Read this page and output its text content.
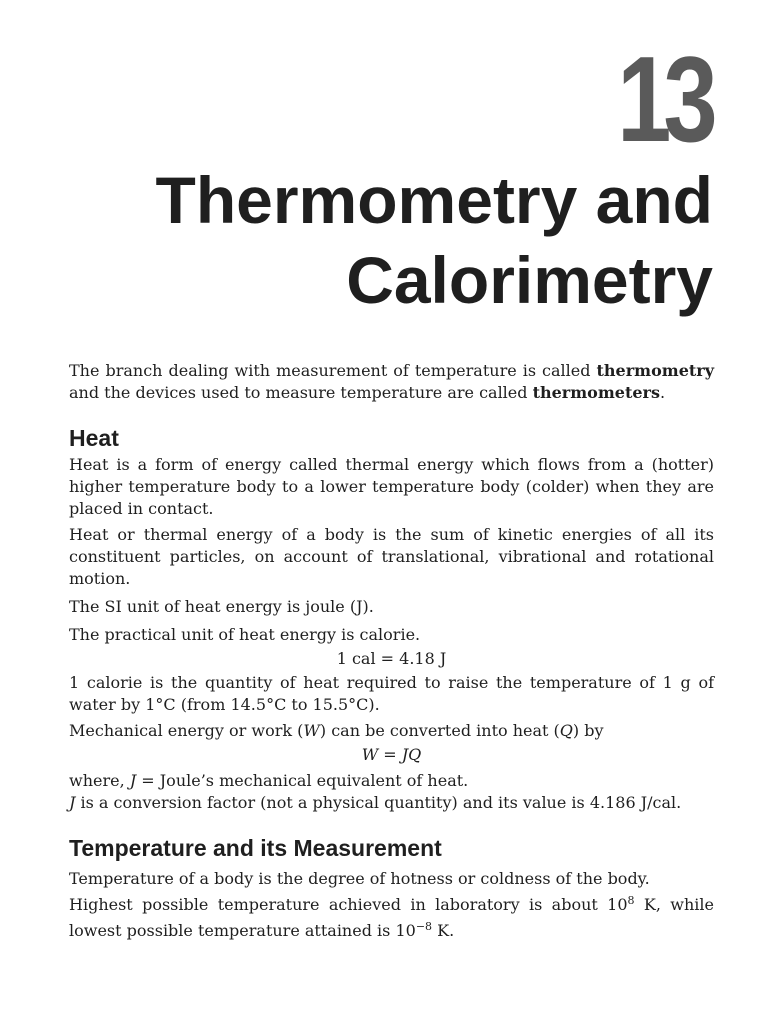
13
Thermometry and
Calorimetry

The branch dealing with measurement of temperature is called thermometry and the devices used to measure temperature are called thermometers.

Heat

Heat is a form of energy called thermal energy which flows from a (hotter) higher temperature body to a lower temperature body (colder) when they are placed in contact.

Heat or thermal energy of a body is the sum of kinetic energies of all its constituent particles, on account of translational, vibrational and rotational motion.

The SI unit of heat energy is joule (J).

The practical unit of heat energy is calorie.

1 cal = 4.18 J

1 calorie is the quantity of heat required to raise the temperature of 1 g of water by 1°C (from 14.5°C to 15.5°C).

Mechanical energy or work (W) can be converted into heat (Q) by

W = JQ

where, J = Joule’s mechanical equivalent of heat.

J is a conversion factor (not a physical quantity) and its value is 4.186 J/cal.

Temperature and its Measurement

Temperature of a body is the degree of hotness or coldness of the body.

Highest possible temperature achieved in laboratory is about $10^8$ K, while lowest possible temperature attained is $10^{-8}$ K.
